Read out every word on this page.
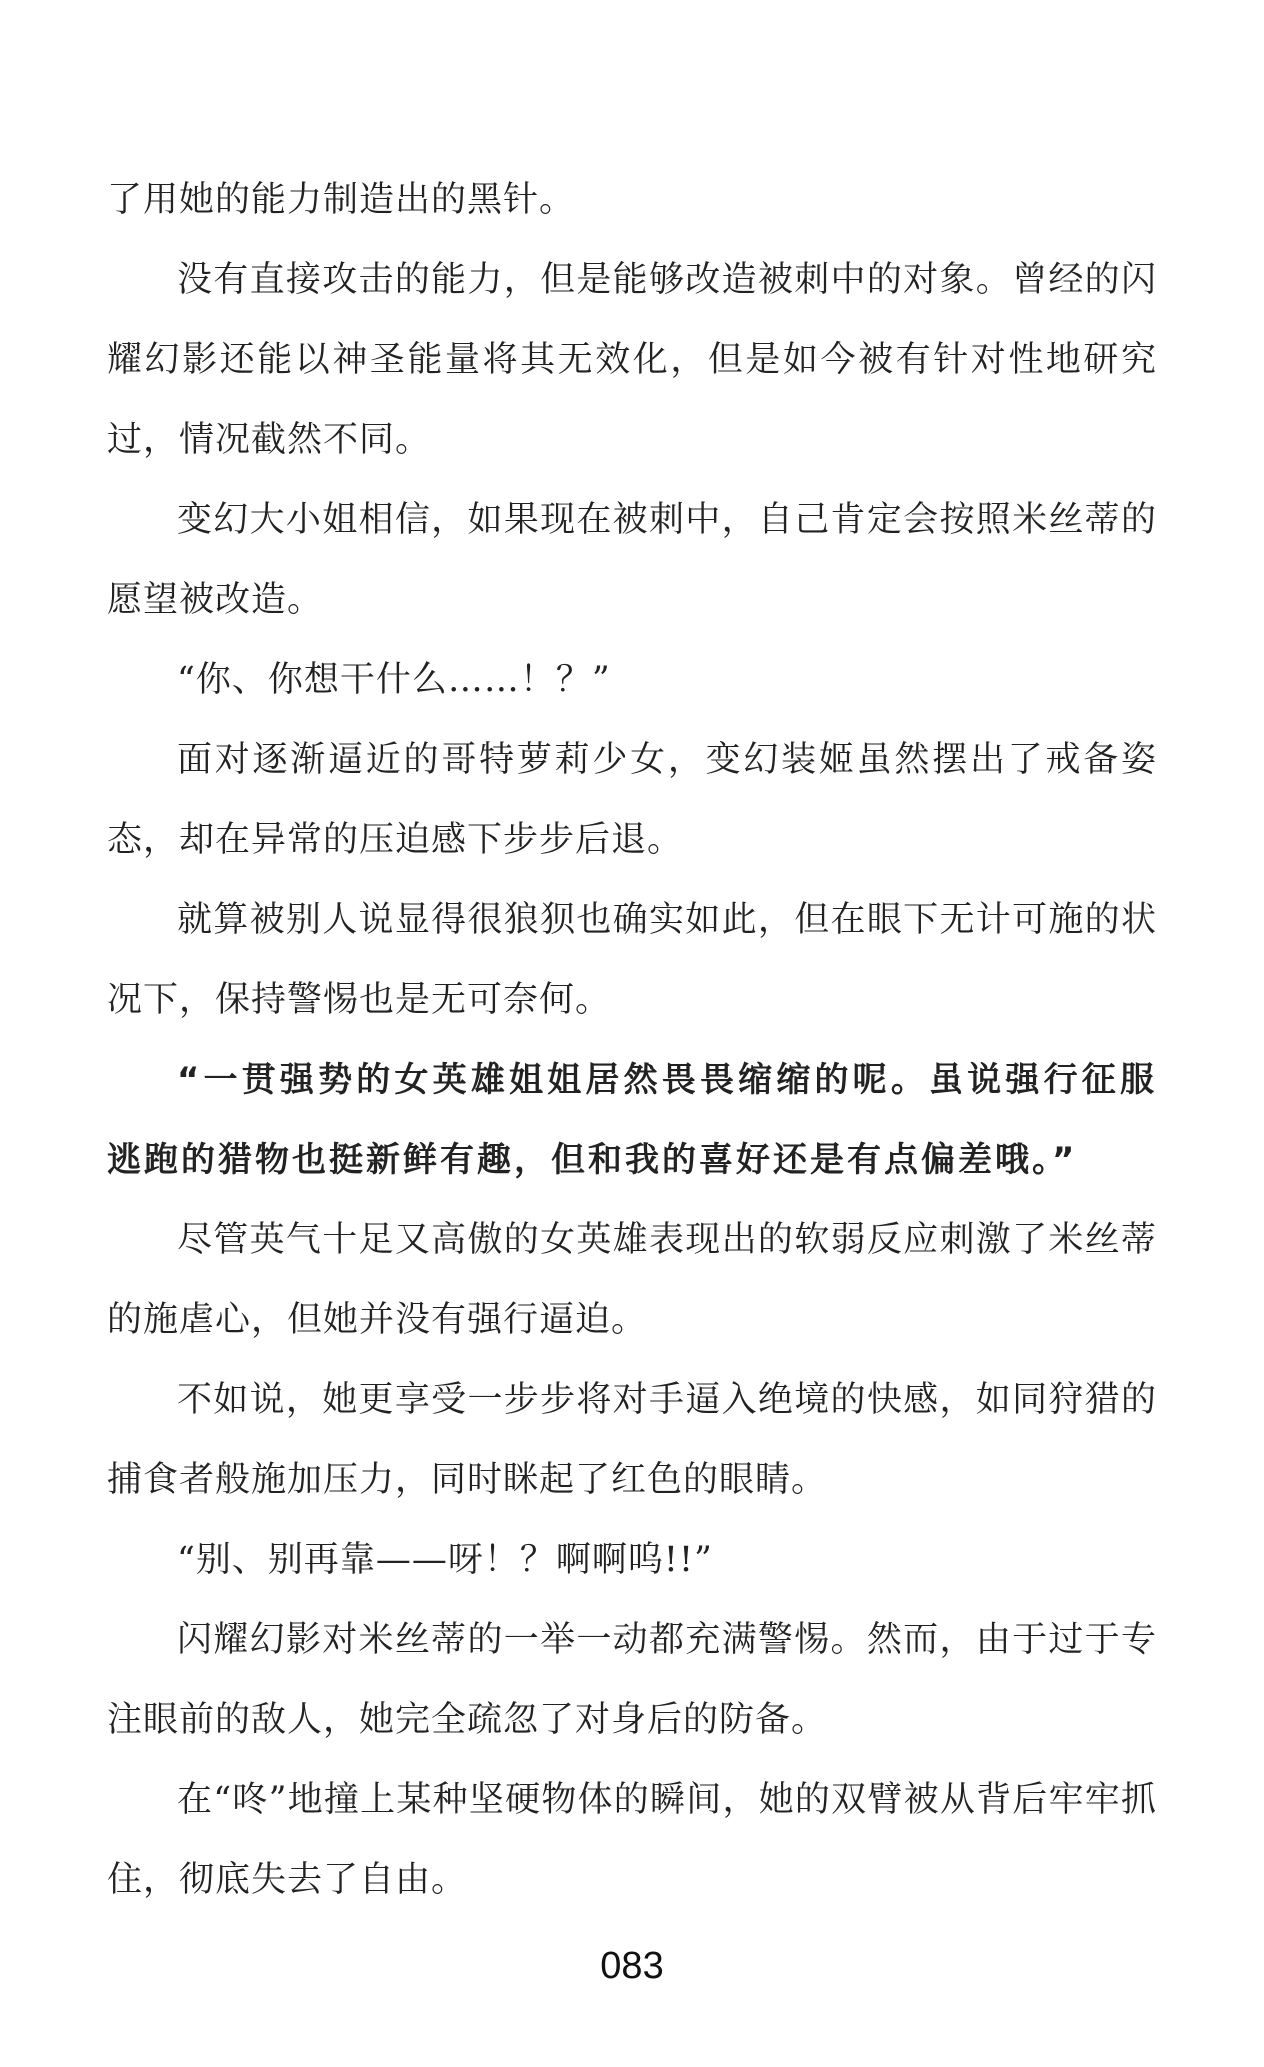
了用她的能力制造出的黑针。

没有直接攻击的能力，但是能够改造被刺中的对象。曾经的闪耀幻影还能以神圣能量将其无效化，但是如今被有针对性地研究过，情况截然不同。

变幻大小姐相信，如果现在被刺中，自己肯定会按照米丝蒂的愿望被改造。

“你、你想干什么……！？”

面对逐渐逼近的哥特萝莉少女，变幻装姬虽然摆出了戒备姿态，却在异常的压迫感下步步后退。

就算被别人说显得很狼狈也确实如此，但在眼下无计可施的状况下，保持警惕也是无可奈何。

“一贯强势的女英雄姐姐居然畏畏缩缩的呢。虽说强行征服逃跑的猎物也挺新鲜有趣，但和我的喜好还是有点偏差哦。”

尽管英气十足又高傲的女英雄表现出的软弱反应刺激了米丝蒂的施虐心，但她并没有强行逼迫。

不如说，她更享受一步步将对手逼入绝境的快感，如同狩猎的捕食者般施加压力，同时眯起了红色的眼睛。

“别、别再靠——呀！？啊啊呜!!”

闪耀幻影对米丝蒂的一举一动都充满警惕。然而，由于过于专注眼前的敌人，她完全疏忽了对身后的防备。

在“咚”地撞上某种坚硬物体的瞬间，她的双臂被从背后牢牢抓住，彻底失去了自由。

083
